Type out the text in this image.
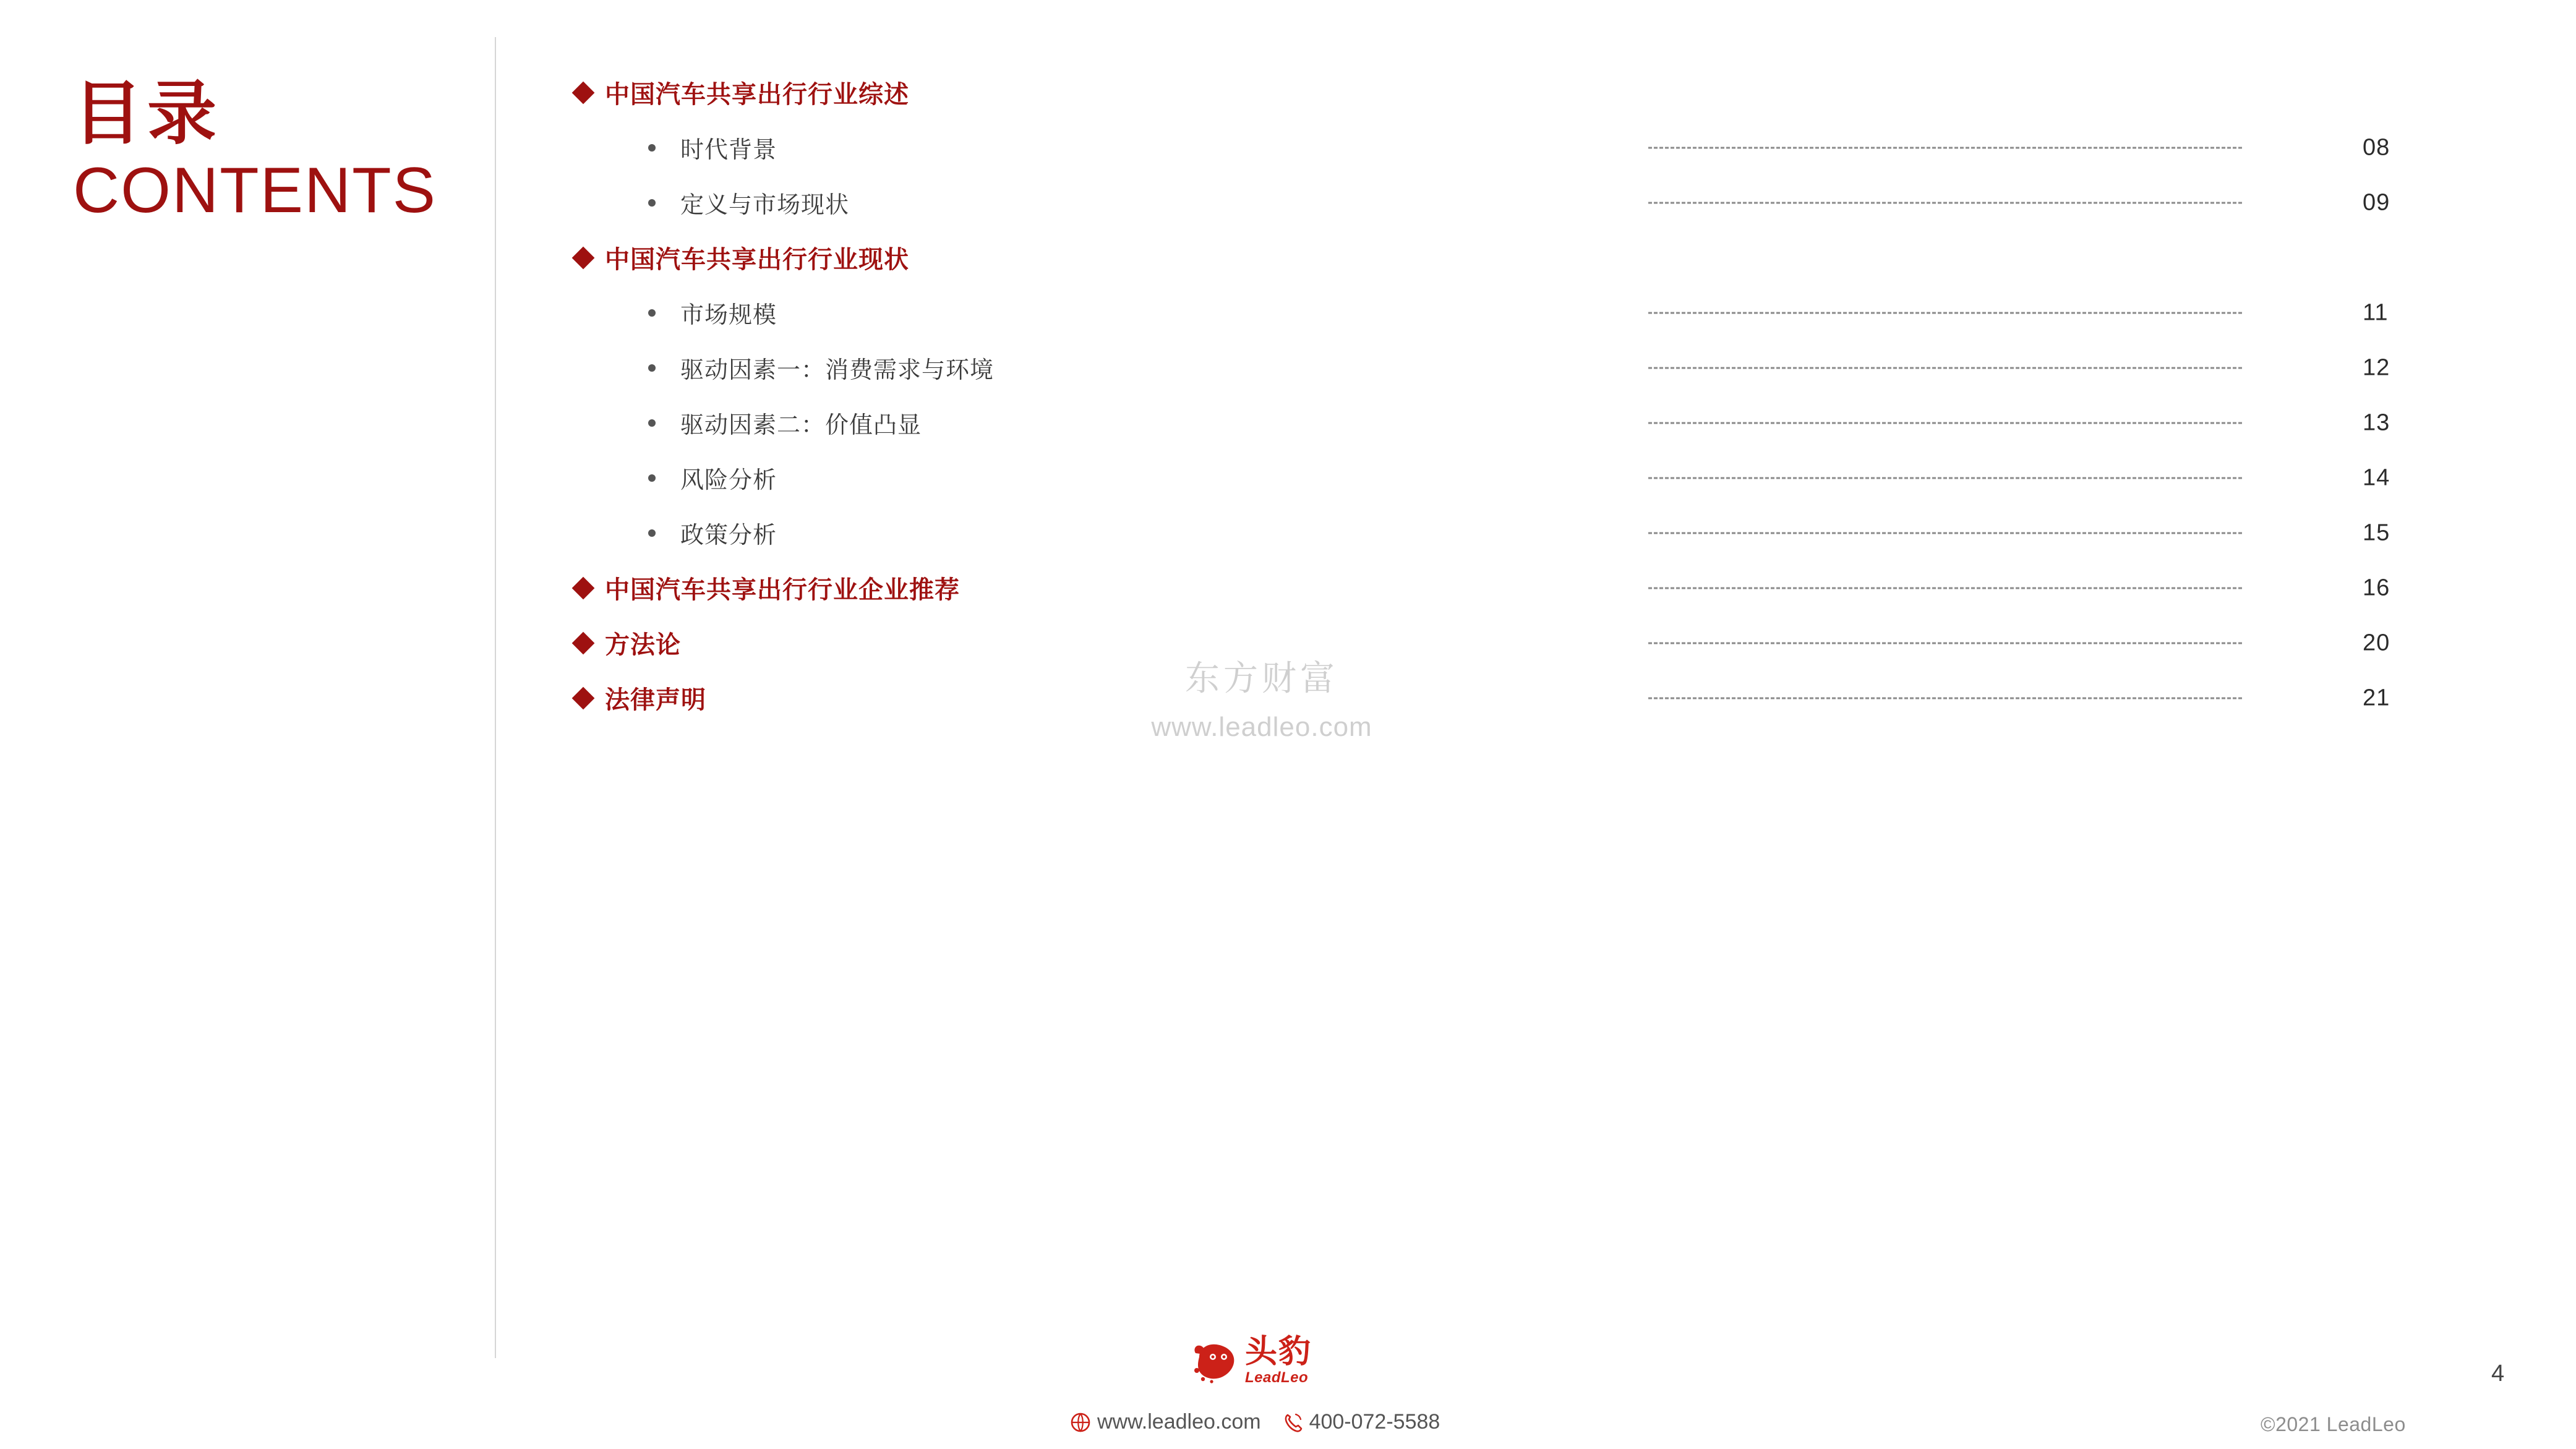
目录
CONTENTS
中国汽车共享出行行业综述
时代背景	08
定义与市场现状	09
中国汽车共享出行行业现状
市场规模	11
驱动因素一：消费需求与环境	12
驱动因素二：价值凸显	13
风险分析	14
政策分析	15
中国汽车共享出行行业企业推荐	16
方法论	20
法律声明	21
东方财富
www.leadleo.com
头豹
LeadLeo
www.leadleo.com 400-072-5588
4
©2021 LeadLeo
